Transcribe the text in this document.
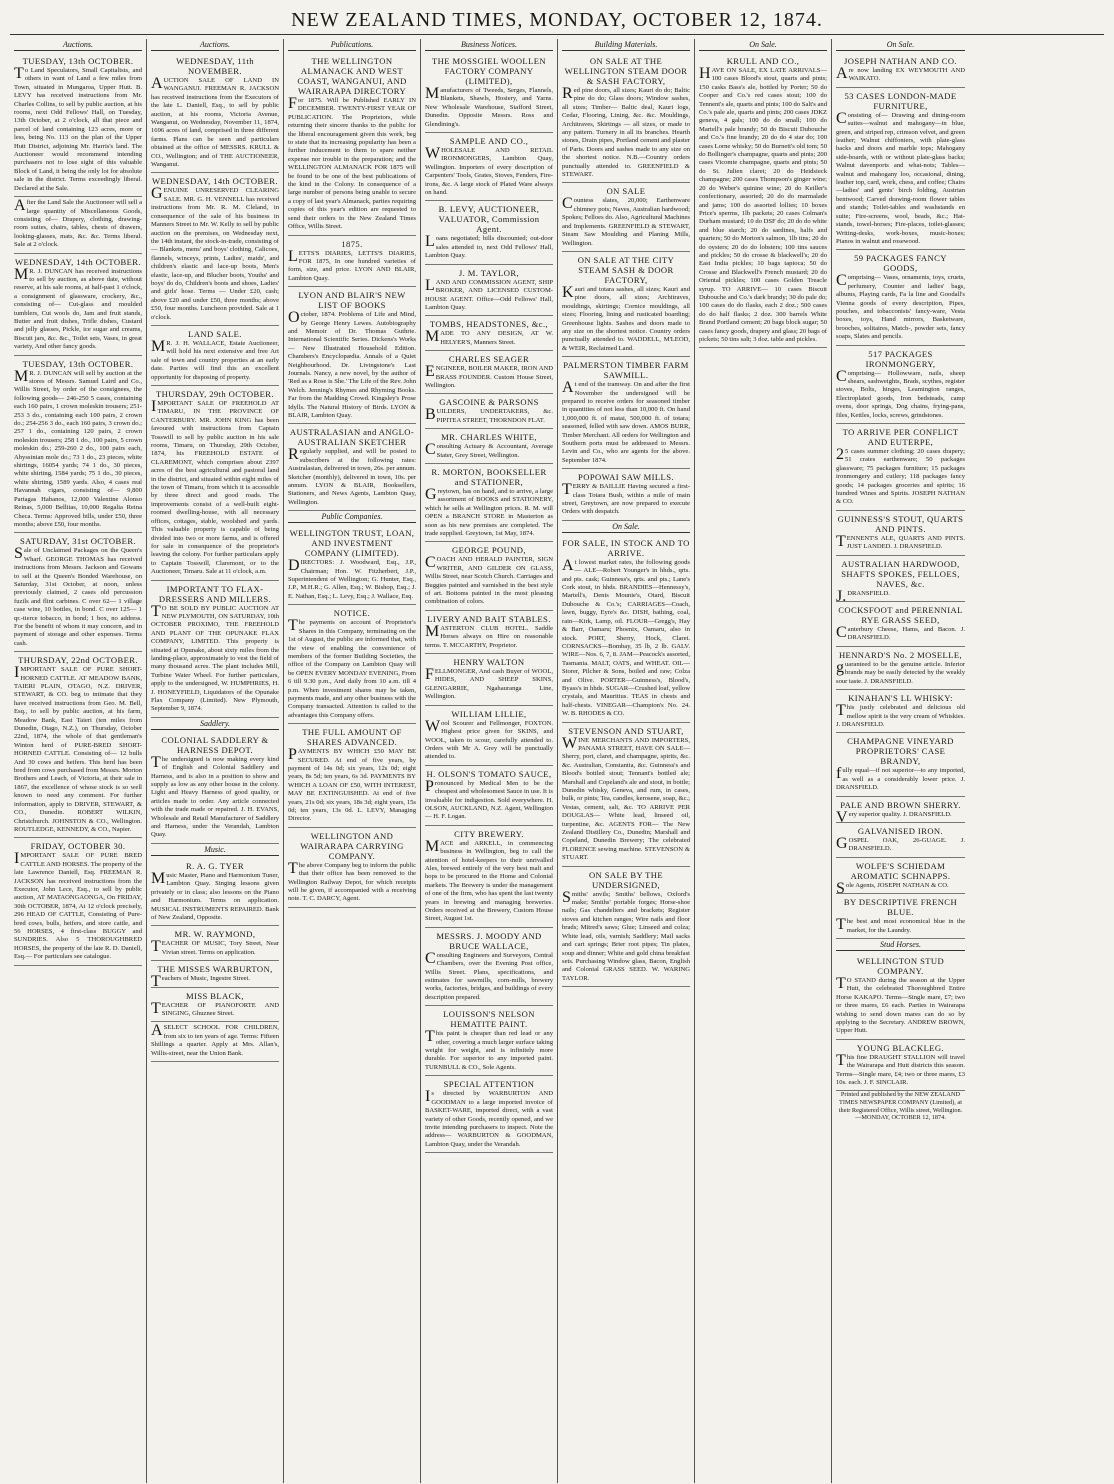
NEW ZEALAND TIMES, MONDAY, OCTOBER 12, 1874.
Auctions.
TUESDAY, 13th OCTOBER.
To Land Speculators, Small Capitalists, and others in want of Land a few miles from Town, situated in Mungaroa, Upper Hutt. B. LEVY has received instructions from Mr. Charles Collins, to sell by public auction, at his rooms, next Odd Fellows' Hall, on Tuesday, 13th October, at 2 o'clock, all that piece and parcel of land containing 123 acres, more or less, being No. 113 on the plan of the Upper Hutt District, adjoining Mr. Harris's land. The Auctioneer would recommend intending purchasers not to lose sight of this valuable Block of Land, it being the only lot for absolute sale in the district. Terms exceedingly liberal. Declared at the Sale.
After the Land Sale the Auctioneer will sell a large quantity of Miscellaneous Goods, consisting of— Drapery, clothing, drawing-room suites, chairs, tables, chests of drawers, looking-glasses, mats, &c. &c. Terms liberal. Sale at 2 o'clock.
WEDNESDAY, 14th OCTOBER.
MR. J. DUNCAN has received instructions to sell by auction, as above date, without reserve, at his sale rooms, at half-past 1 o'clock, a consignment of glassware, crockery, &c., consisting of— Cut-glass and moulded tumblers, Cut wools do, Jam and fruit stands, Butter and fruit dishes, Trifle dishes, Custard and jelly glasses, Pickle, ice sugar and creams, Biscuit jars, &c. &c., Toilet sets, Vases, in great variety, And other fancy goods.
TUESDAY, 13th OCTOBER.
MR. J. DUNCAN will sell by auction at the stores of Messrs. Samuel Laird and Co., Willis Street, by order of the consignees, the following goods— 246-250 5 cases, containing each 160 pairs, 1 crown moleskin trousers; 251-253 3 do., containing each 100 pairs, 2 crown do.; 254-256 3 do., each 160 pairs, 3 crown do.; 257 1 do., containing 120 pairs, 2 crown moleskin trousers; 258 1 do., 100 pairs, 5 crown moleskin do.; 259-260 2 do., 100 pairs each, Abyssinian mole do.; 73 1 do., 23 pieces, white shirtings, 16054 yards; 74 1 do., 30 pieces, white shirting, 1584 yards; 75 1 do., 30 pieces, white shirting, 1589 yards. Also, 4 cases real Havannah cigars, consisting of— 9,800 Partagas Habanos, 12,000 Valentine Alonso Reinas, 5,000 Bellitas, 10,000 Regalia Reina Checa. Terms: Approved bills, under £50, three months; above £50, four months.
SATURDAY, 31st OCTOBER.
Sale of Unclaimed Packages on the Queen's Wharf. GEORGE THOMAS has received instructions from Messrs. Jackson and Gowans to sell at the Queen's Bonded Warehouse, on Saturday, 31st October, at noon, unless previously claimed, 2 cases old percussion fuzils and flint carbines. C over 62— 1 village case wine, 10 bottles, in bond. C over 125— 1 qr.-tierce tobacco, in bond; 1 box, no address. For the benefit of whom it may concern, and in payment of storage and other expenses. Terms cash.
THURSDAY, 22nd OCTOBER.
IMPORTANT SALE OF PURE SHORT-HORNED CATTLE. AT MEADOW BANK, TAIERI PLAIN, OTAGO, N.Z. DRIVER, STEWART, & CO. beg to intimate that they have received instructions from Geo. M. Bell, Esq., to sell by public auction, at his farm, Meadow Bank, East Taieri (ten miles from Dunedin, Otago, N.Z.), on Thursday, October 22nd, 1874, the whole of that gentleman's Winton herd of PURE-BRED SHORT-HORNED CATTLE. Consisting of— 12 bulls And 30 cows and heifers. This herd has been bred from cows purchased from Messrs. Morton Brothers and Leach, of Victoria, at their sale in 1867, the excellence of whose stock is so well known to need any comment. For further information, apply to DRIVER, STEWART, & CO., Dunedin. ROBERT WILKIN, Christchurch. JOHNSTON & CO., Wellington. ROUTLEDGE, KENNEDY, & CO., Napier.
FRIDAY, OCTOBER 30.
IMPORTANT SALE OF PURE BRED CATTLE AND HORSES. The property of the late Lawrence Daniell, Esq. FREEMAN R. JACKSON has received instructions from the Executor, John Lece, Esq., to sell by public auction, AT MATAONGAONGA, On FRIDAY, 30th OCTOBER, 1874, At 12 o'clock precisely, 296 HEAD OF CATTLE, Consisting of Pure-bred cows, bulls, heifers, and store cattle, and 56 HORSES, 4 first-class BUGGY and SUNDRIES. Also 5 THOROUGHBRED HORSES, the property of the late R. D. Daniell, Esq.— For particulars see catalogue.
Auctions.
WEDNESDAY, 11th NOVEMBER.
AUCTION SALE OF LAND IN WANGANUI. FREEMAN R. JACKSON has received instructions from the Executors of the late L. Daniell, Esq., to sell by public auction, at his rooms, Victoria Avenue, Wanganui, on Wednesday, November 11, 1874, 1696 acres of land, comprised in three different farms. Plans can be seen and particulars obtained at the office of MESSRS. KRULL & CO., Wellington; and of THE AUCTIONEER, Wanganui.
WEDNESDAY, 14th OCTOBER.
GENUINE UNRESERVED CLEARING SALE. MR. G. H. VENNELL has received instructions from Mr. R. M. Cleland, in consequence of the sale of his business in Manners Street to Mr. W. Kelly to sell by public auction on the premises, on Wednesday next, the 14th instant, the stock-in-trade, consisting of— Blankets, mens' and boys' clothing, Calicoes, flannels, winceys, prints, Ladies', maids', and children's elastic and lace-up boots, Men's elastic, lace-up, and Blucher boots, Youths' and boys' do do, Children's boots and shoes, Ladies' and girls' hose. Terms — Under £20, cash; above £20 and under £50, three months; above £50, four months. Luncheon provided. Sale at 1 o'clock.
LAND SALE.
MR. J. H. WALLACE, Estate Auctioneer, will hold his next extensive and free Art sale of town and country properties at an early date. Parties will find this an excellent opportunity for disposing of property.
THURSDAY, 29th OCTOBER.
IMPORTANT SALE OF FREEHOLD AT TIMARU, IN THE PROVINCE OF CANTERBURY. MR. JOHN KING has been favoured with instructions from Captain Tosswill to sell by public auction in his sale rooms, Timaru, on Thursday, 29th October, 1874, his FREEHOLD ESTATE of CLAREMONT, which comprises about 2397 acres of the best agricultural and pastoral land in the district, and situated within eight miles of the town of Timaru, from which it is accessible by three direct and good roads. The improvements consist of a well-built eight-roomed dwelling-house, with all necessary offices, cottages, stable, woolshed and yards. This valuable property is capable of being divided into two or more farms, and is offered for sale in consequence of the proprietor's leaving the colony. For further particulars apply to Captain Tosswill, Claremont, or to the Auctioneer, Timaru. Sale at 11 o'clock, a.m.
IMPORTANT TO FLAX-DRESSERS AND MILLERS.
TO BE SOLD BY PUBLIC AUCTION AT NEW PLYMOUTH, ON SATURDAY, 10th OCTOBER PROXIMO, THE FREEHOLD AND PLANT OF THE OPUNAKE FLAX COMPANY, LIMITED. This property is situated at Opunake, about sixty miles from the landing-place, approximately to vest the field of many thousand acres. The plant includes Mill, Turbine Water Wheel. For further particulars, apply to the undersigned, W. HUMPHRIES, H. J. HONEYFIELD, Liquidators of the Opunake Flax Company (Limited). New Plymouth, September 9, 1874.
Saddlery.
COLONIAL SADDLERY & HARNESS DEPOT.
The undersigned is now making every kind of English and Colonial Saddlery and Harness, and is also in a position to show and supply as low as any other house in the colony. Light and Heavy Harness of good quality, or articles made to order. Any article connected with the trade made or repaired. J. H. EVANS, Wholesale and Retail Manufacturer of Saddlery and Harness, under the Verandah, Lambton Quay.
Music.
R. A. G. TYER
Music Master, Piano and Harmonium Tuner, Lambton Quay. Singing lessons given privately or in class; also lessons on the Piano and Harmonium. Terms on application. MUSICAL INSTRUMENTS REPAIRED. Bank of New Zealand, Opposite.
MR. W. RAYMOND,
TEACHER OF MUSIC, Tory Street, Near Vivian street. Terms on application.
THE MISSES WARBURTON,
Teachers of Music, Ingestre Street.
MISS BLACK,
TEACHER OF PIANOFORTE AND SINGING, Ghuznee Street.
ASELECT SCHOOL FOR CHILDREN, from six to ten years of age. Terms: Fifteen Shillings a quarter. Apply at Mrs. Allan's, Willis-street, near the Union Bank.
Publications.
THE WELLINGTON ALMANACK AND WEST COAST, WANGANUI, AND WAIRARAPA DIRECTORY
For 1875. Will be Published EARLY IN DECEMBER. TWENTY-FIRST YEAR OF PUBLICATION. The Proprietors, while returning their sincere thanks to the public for the liberal encouragement given this work, beg to state that its increasing popularity has been a further inducement to them to spare neither expense nor trouble in the preparation; and the WELLINGTON ALMANACK FOR 1875 will be found to be one of the best publications of the kind in the Colony. In consequence of a large number of persons being unable to secure a copy of last year's Almanack, parties requiring copies of this year's edition are requested to send their orders to the New Zealand Times Office, Willis Street.
1875.
LETTS'S DIARIES, LETTS'S DIARIES, FOR 1875, In one hundred varieties of form, size, and price. LYON AND BLAIR, Lambton Quay.
LYON AND BLAIR'S NEW LIST OF BOOKS
October, 1874. Problems of Life and Mind, by George Henry Lewes. Autobiography and Memoir of Dr. Thomas Guthrie. International Scientific Series. Dickens's Works — New Illustrated Household Edition. Chambers's Encyclopædia. Annals of a Quiet Neighbourhood. Dr. Livingstone's Last Journals. Nancy, a new novel, by the author of 'Red as a Rose is She.' The Life of the Rev. John Welch. Jenning's Rhymes and Rhyming Books. Far from the Madding Crowd. Kingsley's Prose Idylls. The Natural History of Birds. LYON & BLAIR, Lambton Quay.
AUSTRALASIAN and ANGLO-AUSTRALIAN SKETCHER
Regularly supplied, and will be posted to subscribers at the following rates: Australasian, delivered in town, 26s. per annum. Sketcher (monthly), delivered in town, 10s. per annum. LYON & BLAIR, Booksellers, Stationers, and News Agents, Lambton Quay, Wellington.
Public Companies.
WELLINGTON TRUST, LOAN, AND INVESTMENT COMPANY (LIMITED).
DIRECTORS: J. Woodward, Esq., J.P., Chairman; Hon. W. Fitzherbert, J.P., Superintendent of Wellington; G. Hunter, Esq., J.P., M.H.R.; G. Allen, Esq.; W. Bishop, Esq.; J. E. Nathan, Esq.; L. Levy, Esq.; J. Wallace, Esq.
NOTICE.
The payments on account of Proprietor's Shares in this Company, terminating on the 1st of August, the public are informed that, with the view of enabling the convenience of members of the former Building Societies, the office of the Company on Lambton Quay will be OPEN EVERY MONDAY EVENING, From 6 till 9.30 p.m., And daily from 10 a.m. till 4 p.m. When investment shares may be taken, payments made, and any other business with the Company transacted. Attention is called to the advantages this Company offers.
THE FULL AMOUNT OF SHARES ADVANCED.
PAYMENTS BY WHICH £50 MAY BE SECURED. At end of five years, by payment of 14s 0d; six years, 12s 0d; eight years, 8s 5d; ten years, 6s 3d. PAYMENTS BY WHICH A LOAN OF £50, WITH INTEREST, MAY BE EXTINGUISHED. At end of five years, 21s 0d; six years, 18s 3d; eight years, 15s 0d; ten years, 13s 0d. L. LEVY, Managing Director.
WELLINGTON AND WAIRARAPA CARRYING COMPANY.
The above Company beg to inform the public that their office has been removed to the Wellington Railway Depot, for which receipts will be given, if accompanied with a receiving note. T. C. DARCY, Agent.
Business Notices.
THE MOSSGIEL WOOLLEN FACTORY COMPANY (LIMITED),
Manufacturers of Tweeds, Serges, Flannels, Blankets, Shawls, Hosiery, and Yarns. New Wholesale Warehouse, Stafford Street, Dunedin. Opposite Messrs. Ross and Glendining's.
SAMPLE AND CO.,
WHOLESALE AND RETAIL IRONMONGERS, Lambton Quay, Wellington. Importers of every description of Carpenters' Tools, Grates, Stoves, Fenders, Fire-irons, &c. A large stock of Plated Ware always on hand.
B. LEVY, AUCTIONEER, VALUATOR, Commission Agent.
Loans negotiated; bills discounted; out-door sales attended to, next Odd Fellows' Hall, Lambton Quay.
J. M. TAYLOR,
LAND AND COMMISSION AGENT, SHIP BROKER, AND LICENSED CUSTOM-HOUSE AGENT. Office—Odd Fellows' Hall, Lambton Quay.
TOMBS, HEADSTONES, &c.,
MADE TO ANY DESIGN, AT W. HELYER'S, Manners Street.
CHARLES SEAGER
ENGINEER, BOILER MAKER, IRON AND BRASS FOUNDER. Custom House Street, Wellington.
GASCOINE & PARSONS
BUILDERS, UNDERTAKERS, &c. PIPITEA STREET, THORNDON FLAT.
MR. CHARLES WHITE,
Consulting Actuary & Accountant, Average Stater, Grey Street, Wellington.
R. MORTON, BOOKSELLER and STATIONER,
Greytown, has on hand, and to arrive, a large assortment of BOOKS and STATIONERY, which he sells at Wellington prices. R. M. will OPEN a BRANCH STORE in Masterton as soon as his new premises are completed. The trade supplied. Greytown, 1st May, 1874.
GEORGE POUND,
COACH AND HERALD PAINTER, SIGN WRITER, AND GILDER ON GLASS, Willis Street, near Scotch Church. Carriages and Buggies painted and varnished in the best style of art. Bottoms painted in the most pleasing combination of colors.
LIVERY AND BAIT STABLES.
MASTERTON CLUB HOTEL. Saddle Horses always on Hire on reasonable terms. T. MCCARTHY, Proprietor.
HENRY WALTON
FELLMONGER, And cash Buyer of WOOL, HIDES, AND SHEEP SKINS, GLENGARRIE, Ngahauranga Line, Wellington.
WILLIAM LILLIE,
Wool Scourer and Fellmonger, FOXTON. Highest price given for SKINS, and WOOL, taken to scour, carefully attended to. Orders with Mr A. Grey will be punctually attended to.
H. OLSON'S TOMATO SAUCE,
Pronounced by Medical Men to be the cheapest and wholesomest Sauce in use. It is invaluable for indigestion. Sold everywhere. H. OLSON, AUCKLAND, N.Z. Agent, Wellington — H. F. Logan.
CITY BREWERY.
MACE and ARKELL, in commencing business in Wellington, beg to call the attention of hotel-keepers to their unrivalled Ales, brewed entirely of the very best malt and hops to be procured in the Home and Colonial markets. The Brewery is under the management of one of the firm, who has spent the last twenty years in brewing and managing breweries. Orders received at the Brewery, Custom House Street, August 1st.
MESSRS. J. MOODY AND BRUCE WALLACE,
Consulting Engineers and Surveyors, Central Chambers, over the Evening Post office, Willis Street. Plans, specifications, and estimates for sawmills, corn-mills, brewery works, factories, bridges, and buildings of every description prepared.
LOUISSON'S NELSON HEMATITE PAINT.
This paint is cheaper than red lead or any other, covering a much larger surface taking weight for weight, and is infinitely more durable. For superior to any imported paint. TURNBULL & CO., Sole Agents.
SPECIAL ATTENTION
Is directed by WARBURTON AND GOODMAN to a large imported invoice of BASKET-WARE, imported direct, with a vast variety of other Goods, recently opened, and we invite intending purchasers to inspect. Note the address— WARBURTON & GOODMAN, Lambton Quay, under the Verandah.
Building Materials.
ON SALE AT THE WELLINGTON STEAM DOOR & SASH FACTORY,
Red pine doors, all sizes; Kauri do do; Baltic pine do do; Glass doors; Window sashes, all sizes; Timber— Baltic deal, Kauri logs, Cedar, Flooring, Lining, &c. &c. Mouldings, Architraves, Skirtings — all sizes, or made to any pattern. Turnery in all its branches. Hearth stones, Drain pipes, Portland cement and plaster of Paris. Doors and sashes made to any size on the shortest notice. N.B.—Country orders punctually attended to. GREENFIELD & STEWART.
ON SALE
Countess slates, 20,000; Earthenware chimney pots; Naves, Australian hardwood; Spokes; Felloes do. Also, Agricultural Machines and Implements. GREENFIELD & STEWART, Steam Saw Moulding and Planing Mills, Wellington.
ON SALE AT THE CITY STEAM SASH & DOOR FACTORY,
Kauri and totara sashes, all sizes; Kauri and pine doors, all sizes; Architraves, mouldings, skirtings; Cornice mouldings, all sizes; Flooring, lining and rusticated boarding; Greenhouse lights. Sashes and doors made to any size on the shortest notice. Country orders punctually attended to. WADDELL, M'LEOD, & WEIR, Reclaimed Land.
PALMERSTON TIMBER FARM SAWMILL.
At end of the tramway. On and after the first November the undersigned will be prepared to receive orders for seasoned timber in quantities of not less than 10,000 ft. On hand 1,000,000 ft. of matai, 500,000 ft. of totara; seasoned, felled with saw down. AMOS BURR, Timber Merchant. All orders for Wellington and Southern ports must be addressed to Messrs. Levin and Co., who are agents for the above. September 1874.
POPOWAI SAW MILLS.
TERRY & BAILLIE Having secured a first-class Totara Bush, within a mile of main street, Greytown, are now prepared to execute Orders with despatch.
On Sale.
FOR SALE, IN STOCK AND TO ARRIVE.
At lowest market rates, the following goods— ALE—Robert Younger's in hhds., qrts. and pts. cask; Guinness's, qrts. and pts.; Lane's Cork stout, in hhds. BRANDIES—Hennessy's, Martell's, Denis Mounie's, Otard, Biscuit Dubouche & Co.'s; CARRIAGES—Coach, lawn, buggy, Eyre's &c. DISH, bathing, coal, rain—Kirk, Lamp, oil. FLOUR—Gregg's, Hay & Barr, Oamaru; Phoenix, Oamaru, also in stock. PORT, Sherry, Hock, Claret. CORNSACKS—Bombay, 35 lb, 2 lb. GALV. WIRE—Nos. 6, 7, 8. JAM—Peacock's assorted, Tasmania. MALT, OATS, and WHEAT. OIL—Storer, Pilcher & Sons, boiled and raw; Colza and Olive. PORTER—Guinness's, Blood's, Byass's in hhds. SUGAR—Crushed loaf, yellow crystals, and Mauritius. TEAS in chests and half-chests. VINEGAR—Champion's No. 24. W. B. RHODES & CO.
STEVENSON AND STUART,
WINE MERCHANTS AND IMPORTERS, PANAMA STREET, HAVE ON SALE— Sherry, port, claret, and champagne, spirits, &c. &c. Australian, Constantia, &c. Guinness's and Blood's bottled stout; Tennant's bottled ale; Marshall and Copeland's ale and stout, in bottle; Dunedin whisky, Geneva, and rum, in cases, bulk, or pints; Tea, candles, kerosene, soap, &c.; Vestas, cement, salt, &c. TO ARRIVE PER DOUGLAS— White lead, linseed oil, turpentine, &c. AGENTS FOR— The New Zealand Distillery Co., Dunedin; Marshall and Copeland, Dunedin Brewery; The celebrated FLORENCE sewing machine. STEVENSON & STUART.
ON SALE BY THE UNDERSIGNED,
Smiths' anvils; Smiths' bellows, Oxford's make; Smiths' portable forges; Horse-shoe nails; Gas chandeliers and brackets; Register stoves and kitchen ranges; Wire nails and floor brads; Mitred's saws; Glue; Linseed and colza; White lead, oils, varnish; Saddlery; Mail sacks and cart springs; Brier root pipes; Tin plates, soup and dinner; White and gold china breakfast sets. Purchasing Window glass, Bacon, English and Colonial GRASS SEED. W. WARING TAYLOR.
On Sale.
KRULL AND CO.,
HAVE ON SALE, EX LATE ARRIVALS— 100 cases Blood's stout, quarts and pints; 150 casks Bass's ale, bottled by Porter; 50 do Cooper and Co.'s red cases stout; 100 do Tennent's ale, quarts and pints; 100 do Salt's and Co.'s pale ale, quarts and pints; 200 cases JDKZ geneva, 4 gals; 100 do do small; 100 do Martell's pale brandy; 50 do Biscuit Dubouche and Co.'s fine brandy; 20 do do 4 star do; 100 cases Lorne whisky; 50 do Burnett's old tom; 50 do Bollinger's champagne, quarts and pints; 200 cases Vicomte champagne, quarts and pints; 50 do St. Julien claret; 20 do Heidsieck champagne; 200 cases Thompson's ginger wine; 20 do Weber's quinine wine; 20 do Keiller's confectionary, assorted; 20 do do marmalade and jams; 100 do assorted lollies; 10 boxes Price's sperms, 1lb packets; 20 cases Colman's Durham mustard; 10 do DSF do; 20 do do white and blue starch; 20 do sardines, halfs and quarters; 50 do Morton's salmon, 1lb tins; 20 do do oysters; 20 do do lobsters; 100 tins sauces and pickles; 50 do crosse & blackwell's; 20 do East India pickles; 10 bags tapioca; 50 do Crosse and Blackwell's French mustard; 20 do Oriental pickles; 100 cases Golden Treacle syrup. TO ARRIVE— 10 cases Biscuit Dubouche and Co.'s dark brandy; 30 do pale do; 100 cases do do flasks, each 2 doz.; 500 cases do do half flasks; 2 doz. 300 barrels White Brand Portland cement; 20 bags block sugar; 50 cases fancy goods, drapery and glass; 20 bags of pickets; 50 tins salt; 3 doz. table and pickles.
On Sale.
JOSEPH NATHAN AND CO.
Are now landing EX WEYMOUTH AND WAIKATO.
53 CASES LONDON-MADE FURNITURE,
Consisting of— Drawing and dining-room suites—walnut and mahogany—in blue, green, and striped rep, crimson velvet, and green leather; Walnut chiffoniers, with plate-glass backs and doors and marble tops; Mahogany side-boards, with or without plate-glass backs; Walnut davenports and what-nots; Tables—walnut and mahogany loo, occasional, dining, leather top, card, work, chess, and coffee; Chairs—ladies' and gents' birch folding, Austrian bentwood; Carved drawing-room flower tables and stands; Toilet-tables and washstands en suite; Fire-screens, wool, beads, &c.; Hat-stands, towel-horses; Fire-places, toilet-glasses; Writing-desks, work-boxes, music-boxes; Pianos in walnut and rosewood.
59 PACKAGES FANCY GOODS,
Comprising— Vases, ornaments, toys, cruets, perfumery, Counter and ladies' bags, albums, Playing cards, Fa la line and Goodall's Vienna goods of every description, Pipes, pouches, and tobacconists' fancy-ware, Vesta boxes, toys, Hand mirrors, Basketware, brooches, solitaires, Match-, powder sets, fancy soaps, Slates and pencils.
517 PACKAGES IRONMONGERY,
Comprising— Hollowware, nails, sheep shears, sashweights, Brads, scythes, register stoves, Bolts, hinges, Leamington ranges, Electroplated goods, Iron bedsteads, camp ovens, door springs, Dog chains, frying-pans, files, Kettles, locks, screws, grindstones.
TO ARRIVE PER CONFLICT AND EUTERPE,
25 cases summer clothing; 20 cases drapery; 51 crates earthenware; 50 packages glassware; 75 packages furniture; 15 packages ironmongery and cutlery; 118 packages fancy goods; 14 packages groceries and spirits; 16 hundred Wines and Spirits. JOSEPH NATHAN & CO.
GUINNESS'S STOUT, QUARTS AND PINTS.
TENNENT'S ALE, QUARTS AND PINTS. JUST LANDED. J. DRANSFIELD.
AUSTRALIAN HARDWOOD, SHAFTS SPOKES, FELLOES, NAVES, &c.
J.DRANSFIELD.
COCKSFOOT and PERENNIAL RYE GRASS SEED,
Canterbury Cheese, Hams, and Bacon. J. DRANSFIELD.
HENNARD'S No. 2 MOSELLE,
guaranteed to be the genuine article. Inferior brands may be easily detected by the weakly sour taste. J. DRANSFIELD.
KINAHAN'S LL WHISKY:
This justly celebrated and delicious old mellow spirit is the very cream of Whiskies. J. DRANSFIELD.
CHAMPAGNE VINEYARD PROPRIETORS' CASE BRANDY,
fully equal—if not superior—to any imported, as well as a considerably lower price. J. DRANSFIELD.
PALE AND BROWN SHERRY.
Very superior quality. J. DRANSFIELD.
GALVANISED IRON.
GOSPEL OAK, 26-GUAGE. J. DRANSFIELD.
WOLFE'S SCHIEDAM AROMATIC SCHNAPPS.
Sole Agents, JOSEPH NATHAN & CO.
BY DESCRIPTIVE FRENCH BLUE.
The best and most economical blue in the market, for the Laundry.
Stud Horses.
WELLINGTON STUD COMPANY.
TO STAND during the season at the Upper Hutt, the celebrated Thoroughbred Entire Horse KAKAPO. Terms—Single mare, £7; two or three mares, £6 each. Parties in Wairarapa wishing to send down mares can do so by applying to the Secretary. ANDREW BROWN, Upper Hutt.
YOUNG BLACKLEG.
This fine DRAUGHT STALLION will travel the Wairarapa and Hutt districts this season. Terms—Single mare, £4; two or three mares, £3 10s. each. J. F. SINCLAIR.
Printed and published by the NEW ZEALAND TIMES NEWSPAPER COMPANY (Limited), at their Registered Office, Willis street, Wellington.—MONDAY, OCTOBER 12, 1874.
